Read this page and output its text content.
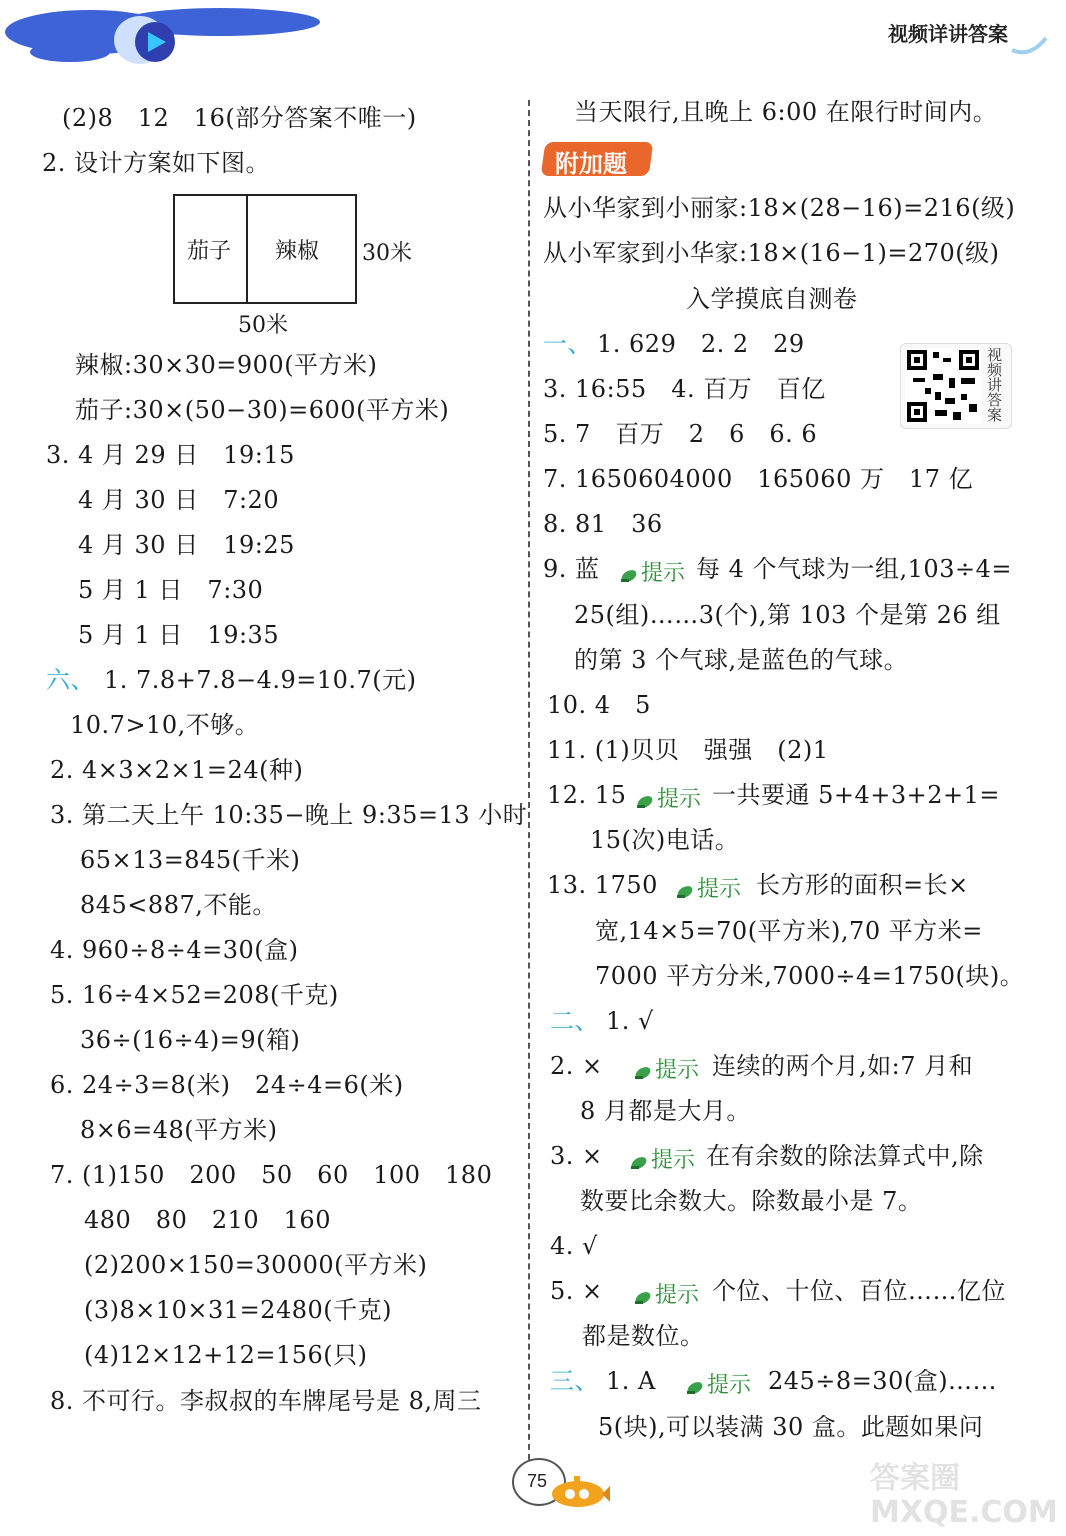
视频详讲答案
(2)8　12　16(部分答案不唯一)
2. 设计方案如下图。
茄子 辣椒 30米
50米
辣椒:30×30=900(平方米)
茄子:30×(50−30)=600(平方米)
3. 4 月 29 日　19:15
4 月 30 日　7:20
4 月 30 日　19:25
5 月 1 日　7:30
5 月 1 日　19:35
六、 1. 7.8+7.8−4.9=10.7(元)
10.7>10,不够。
2. 4×3×2×1=24(种)
3. 第二天上午 10:35−晚上 9:35=13 小时
65×13=845(千米)
845<887,不能。
4. 960÷8÷4=30(盒)
5. 16÷4×52=208(千克)
36÷(16÷4)=9(箱)
6. 24÷3=8(米)　24÷4=6(米)
8×6=48(平方米)
7. (1)150　200　50　60　100　180
480　80　210　160
(2)200×150=30000(平方米)
(3)8×10×31=2480(千克)
(4)12×12+12=156(只)
8. 不可行。李叔叔的车牌尾号是 8,周三
当天限行,且晚上 6:00 在限行时间内。
附加题
从小华家到小丽家:18×(28−16)=216(级)
从小军家到小华家:18×(16−1)=270(级)
入学摸底自测卷
一、 1. 629　2. 2　29	视频讲答案
3. 16:55　4. 百万　百亿
5. 7　百万　2　6　6. 6
7. 1650604000　165060 万　17 亿
8. 81　36
9. 蓝	提示 每 4 个气球为一组,103÷4=
25(组)……3(个),第 103 个是第 26 组
的第 3 个气球,是蓝色的气球。
10. 4　5
11. (1)贝贝　强强　(2)1
12. 15	提示 一共要通 5+4+3+2+1=
15(次)电话。
13. 1750	提示 长方形的面积=长×
宽,14×5=70(平方米),70 平方米=
7000 平方分米,7000÷4=1750(块)。
二、 1. √
2. ×	提示 连续的两个月,如:7 月和
8 月都是大月。
3. ×	提示 在有余数的除法算式中,除
数要比余数大。除数最小是 7。
4. √
5. ×	提示 个位、十位、百位……亿位
都是数位。
三、 1. A	提示 245÷8=30(盒)……
5(块),可以装满 30 盒。此题如果问
75	答案圈 MXQE.COM
